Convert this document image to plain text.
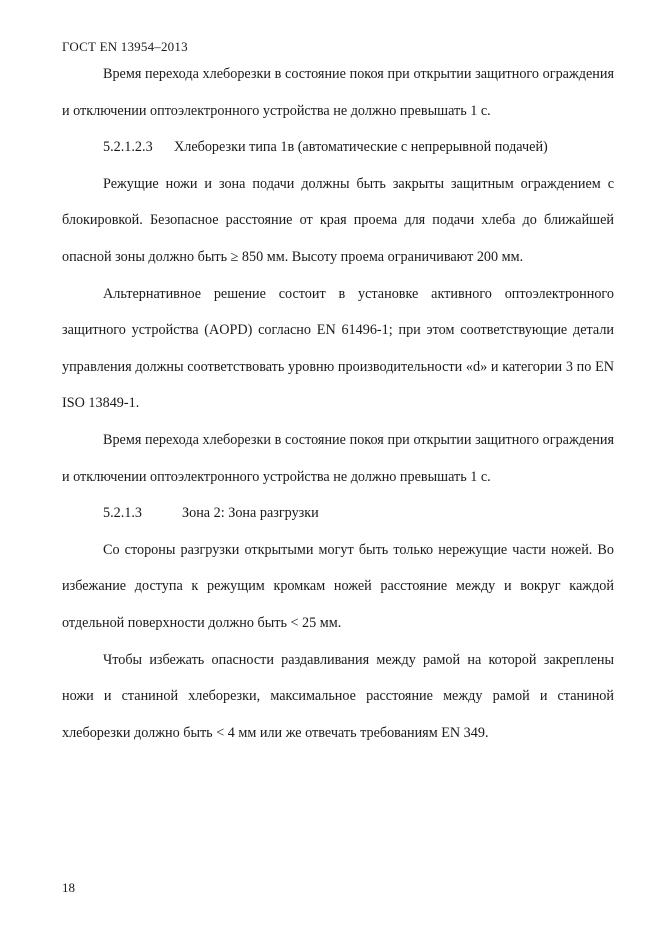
ГОСТ EN 13954–2013

Время перехода хлеборезки в состояние покоя при открытии защитного ограждения и отключении оптоэлектронного устройства не должно превышать 1 с.

5.2.1.2.3 Хлеборезки типа 1в (автоматические с непрерывной подачей)

Режущие ножи и зона подачи должны быть закрыты защитным ограждением с блокировкой. Безопасное расстояние от края проема для подачи хлеба до ближайшей опасной зоны должно быть ≥ 850 мм. Высоту проема ограничивают 200 мм.

Альтернативное решение состоит в установке активного оптоэлектронного защитного устройства (AOPD) согласно EN 61496-1; при этом соответствующие детали управления должны соответствовать уровню производительности «d» и категории 3 по EN ISO 13849-1.

Время перехода хлеборезки в состояние покоя при открытии защитного ограждения и отключении оптоэлектронного устройства не должно превышать 1 с.

5.2.1.3	Зона 2: Зона разгрузки

Со стороны разгрузки открытыми могут быть только нережущие части ножей. Во избежание доступа к режущим кромкам ножей расстояние между и вокруг каждой отдельной поверхности должно быть < 25 мм.

Чтобы избежать опасности раздавливания между рамой на которой закреплены ножи и станиной хлеборезки, максимальное расстояние между рамой и станиной хлеборезки должно быть < 4 мм или же отвечать требованиям EN 349.

18
